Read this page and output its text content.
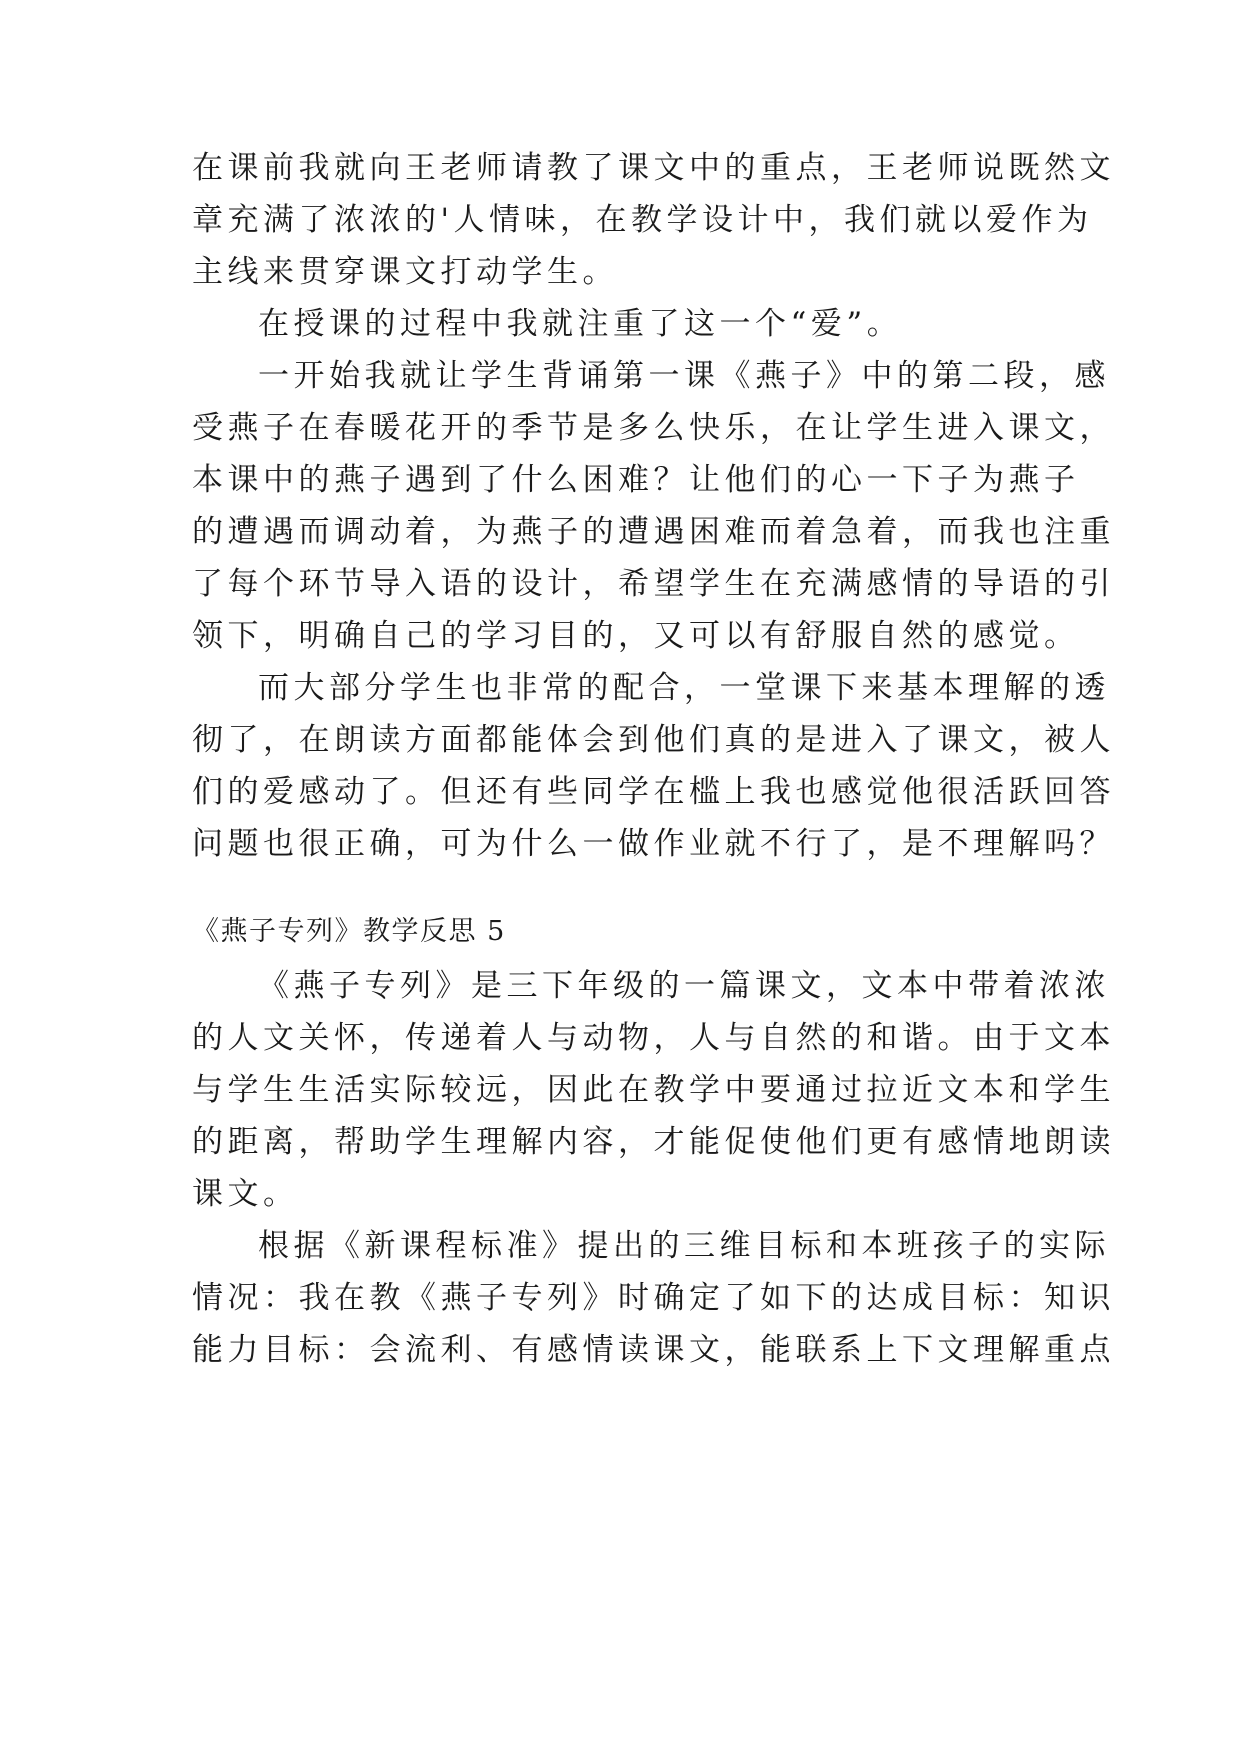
在课前我就向王老师请教了课文中的重点，王老师说既然文
章充满了浓浓的'人情味，在教学设计中，我们就以爱作为
主线来贯穿课文打动学生。
在授课的过程中我就注重了这一个“爱”。
一开始我就让学生背诵第一课《燕子》中的第二段，感
受燕子在春暖花开的季节是多么快乐，在让学生进入课文，
本课中的燕子遇到了什么困难？让他们的心一下子为燕子
的遭遇而调动着，为燕子的遭遇困难而着急着，而我也注重
了每个环节导入语的设计，希望学生在充满感情的导语的引
领下，明确自己的学习目的，又可以有舒服自然的感觉。
而大部分学生也非常的配合，一堂课下来基本理解的透
彻了，在朗读方面都能体会到他们真的是进入了课文，被人
们的爱感动了。但还有些同学在槛上我也感觉他很活跃回答
问题也很正确，可为什么一做作业就不行了，是不理解吗？
《燕子专列》教学反思 5
《燕子专列》是三下年级的一篇课文，文本中带着浓浓
的人文关怀，传递着人与动物，人与自然的和谐。由于文本
与学生生活实际较远，因此在教学中要通过拉近文本和学生
的距离，帮助学生理解内容，才能促使他们更有感情地朗读
课文。
根据《新课程标准》提出的三维目标和本班孩子的实际
情况：我在教《燕子专列》时确定了如下的达成目标：知识
能力目标：会流利、有感情读课文，能联系上下文理解重点
